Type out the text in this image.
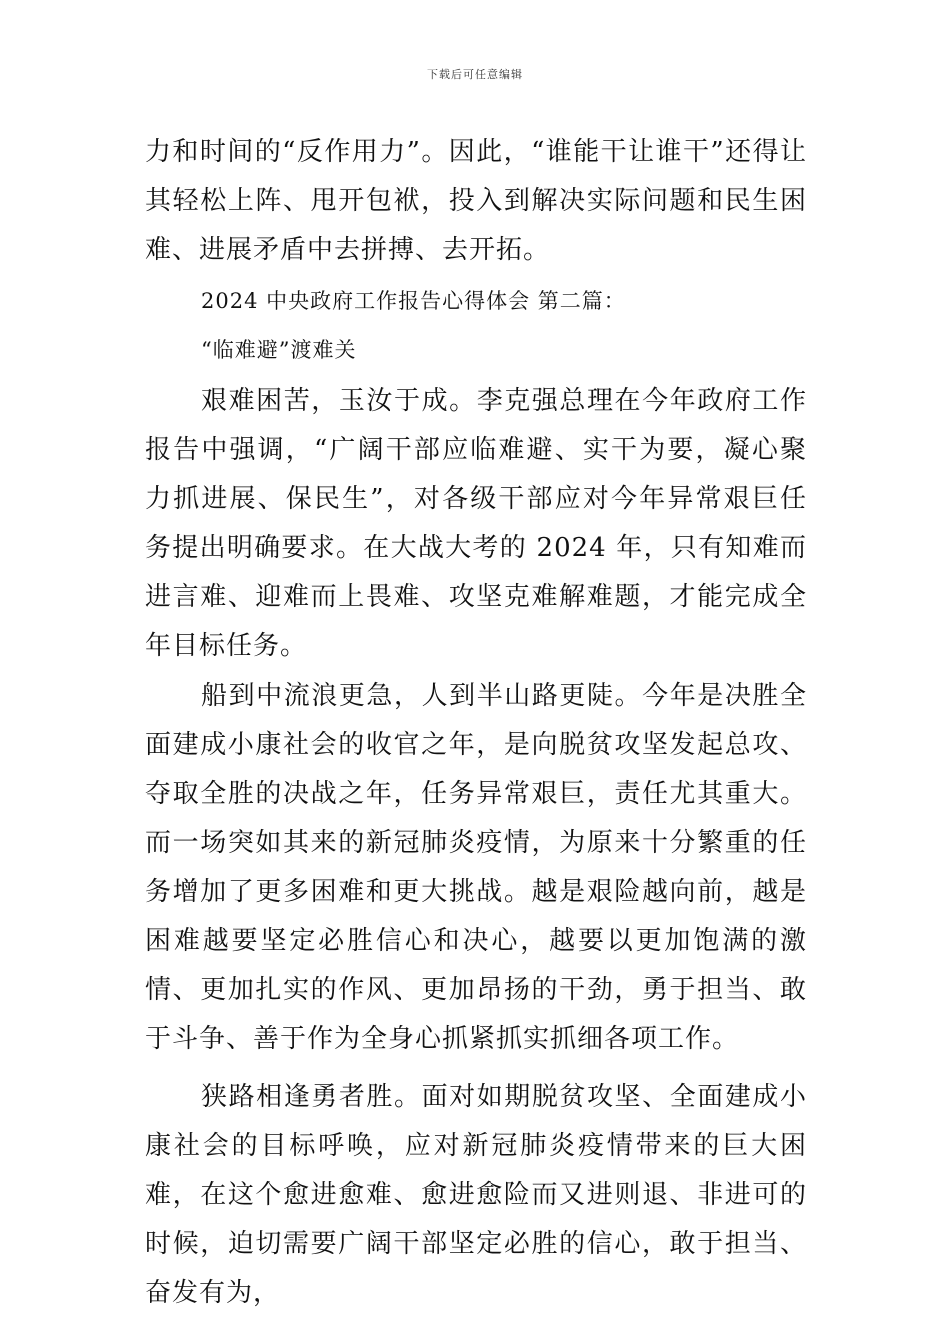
下载后可任意编辑

力和时间的“反作用力”。因此，“谁能干让谁干”还得让其轻松上阵、甩开包袱，投入到解决实际问题和民生困难、进展矛盾中去拼搏、去开拓。

2024 中央政府工作报告心得体会 第二篇：

“临难避”渡难关

艰难困苦，玉汝于成。李克强总理在今年政府工作报告中强调，“广阔干部应临难避、实干为要，凝心聚力抓进展、保民生”，对各级干部应对今年异常艰巨任务提出明确要求。在大战大考的 2024 年，只有知难而进言难、迎难而上畏难、攻坚克难解难题，才能完成全年目标任务。

船到中流浪更急，人到半山路更陡。今年是决胜全面建成小康社会的收官之年，是向脱贫攻坚发起总攻、夺取全胜的决战之年，任务异常艰巨，责任尤其重大。而一场突如其来的新冠肺炎疫情，为原来十分繁重的任务增加了更多困难和更大挑战。越是艰险越向前，越是困难越要坚定必胜信心和决心，越要以更加饱满的激情、更加扎实的作风、更加昂扬的干劲，勇于担当、敢于斗争、善于作为全身心抓紧抓实抓细各项工作。

狭路相逢勇者胜。面对如期脱贫攻坚、全面建成小康社会的目标呼唤，应对新冠肺炎疫情带来的巨大困难，在这个愈进愈难、愈进愈险而又进则退、非进可的时候，迫切需要广阔干部坚定必胜的信心，敢于担当、奋发有为，
